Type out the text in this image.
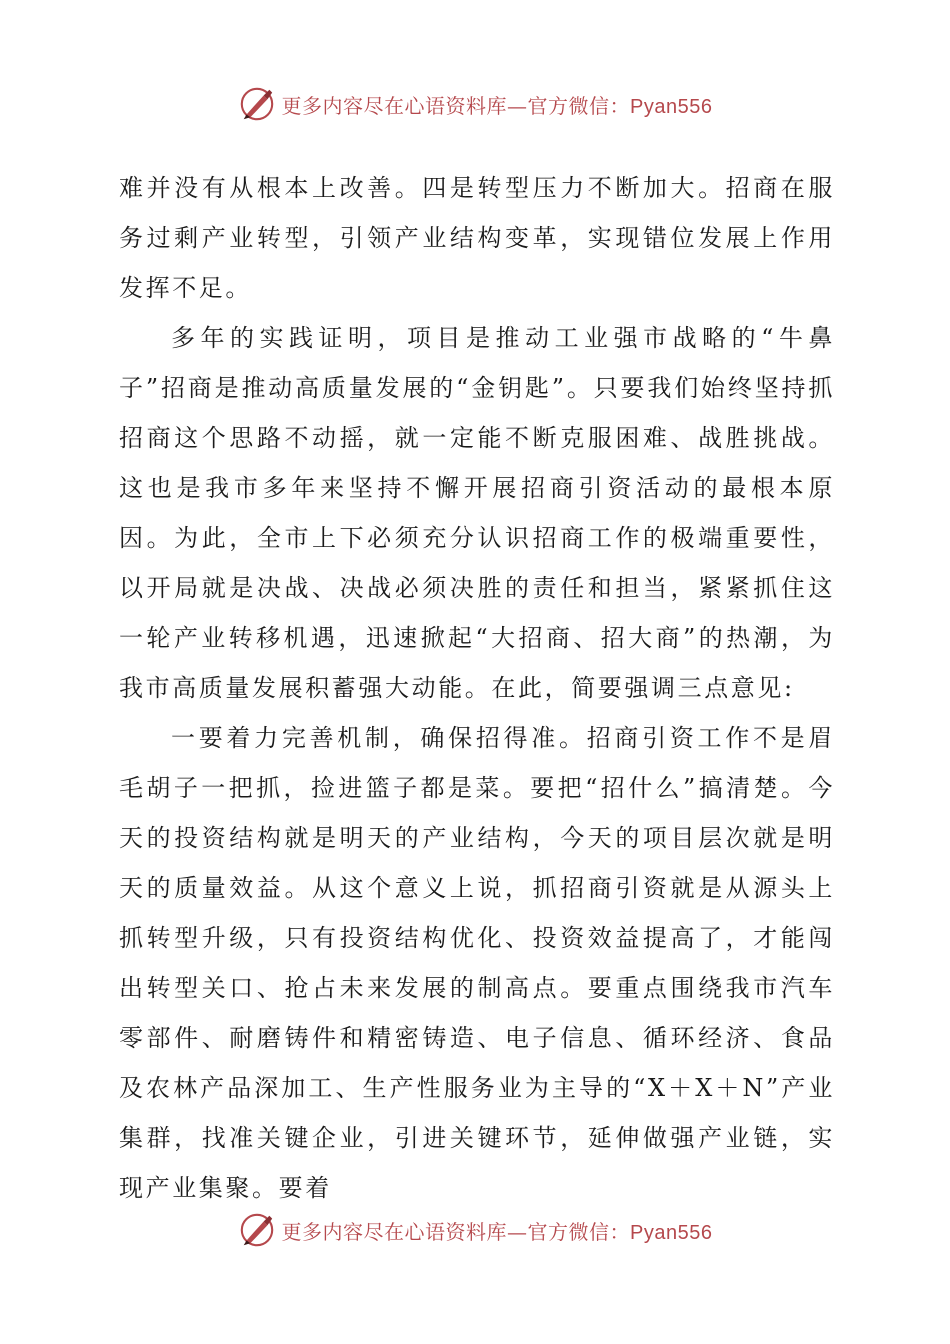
更多内容尽在心语资料库—官方微信：Pyan556

难并没有从根本上改善。四是转型压力不断加大。招商在服务过剩产业转型，引领产业结构变革，实现错位发展上作用发挥不足。

多年的实践证明，项目是推动工业强市战略的“牛鼻子”招商是推动高质量发展的“金钥匙”。只要我们始终坚持抓招商这个思路不动摇，就一定能不断克服困难、战胜挑战。这也是我市多年来坚持不懈开展招商引资活动的最根本原因。为此，全市上下必须充分认识招商工作的极端重要性，以开局就是决战、决战必须决胜的责任和担当，紧紧抓住这一轮产业转移机遇，迅速掀起“大招商、招大商”的热潮，为我市高质量发展积蓄强大动能。在此，简要强调三点意见:

一要着力完善机制，确保招得准。招商引资工作不是眉毛胡子一把抓，捡进篮子都是菜。要把“招什么”搞清楚。今天的投资结构就是明天的产业结构，今天的项目层次就是明天的质量效益。从这个意义上说，抓招商引资就是从源头上抓转型升级，只有投资结构优化、投资效益提高了，才能闯出转型关口、抢占未来发展的制高点。要重点围绕我市汽车零部件、耐磨铸件和精密铸造、电子信息、循环经济、食品及农林产品深加工、生产性服务业为主导的“X＋X＋N”产业集群，找准关键企业，引进关键环节，延伸做强产业链，实现产业集聚。要着

更多内容尽在心语资料库—官方微信：Pyan556
